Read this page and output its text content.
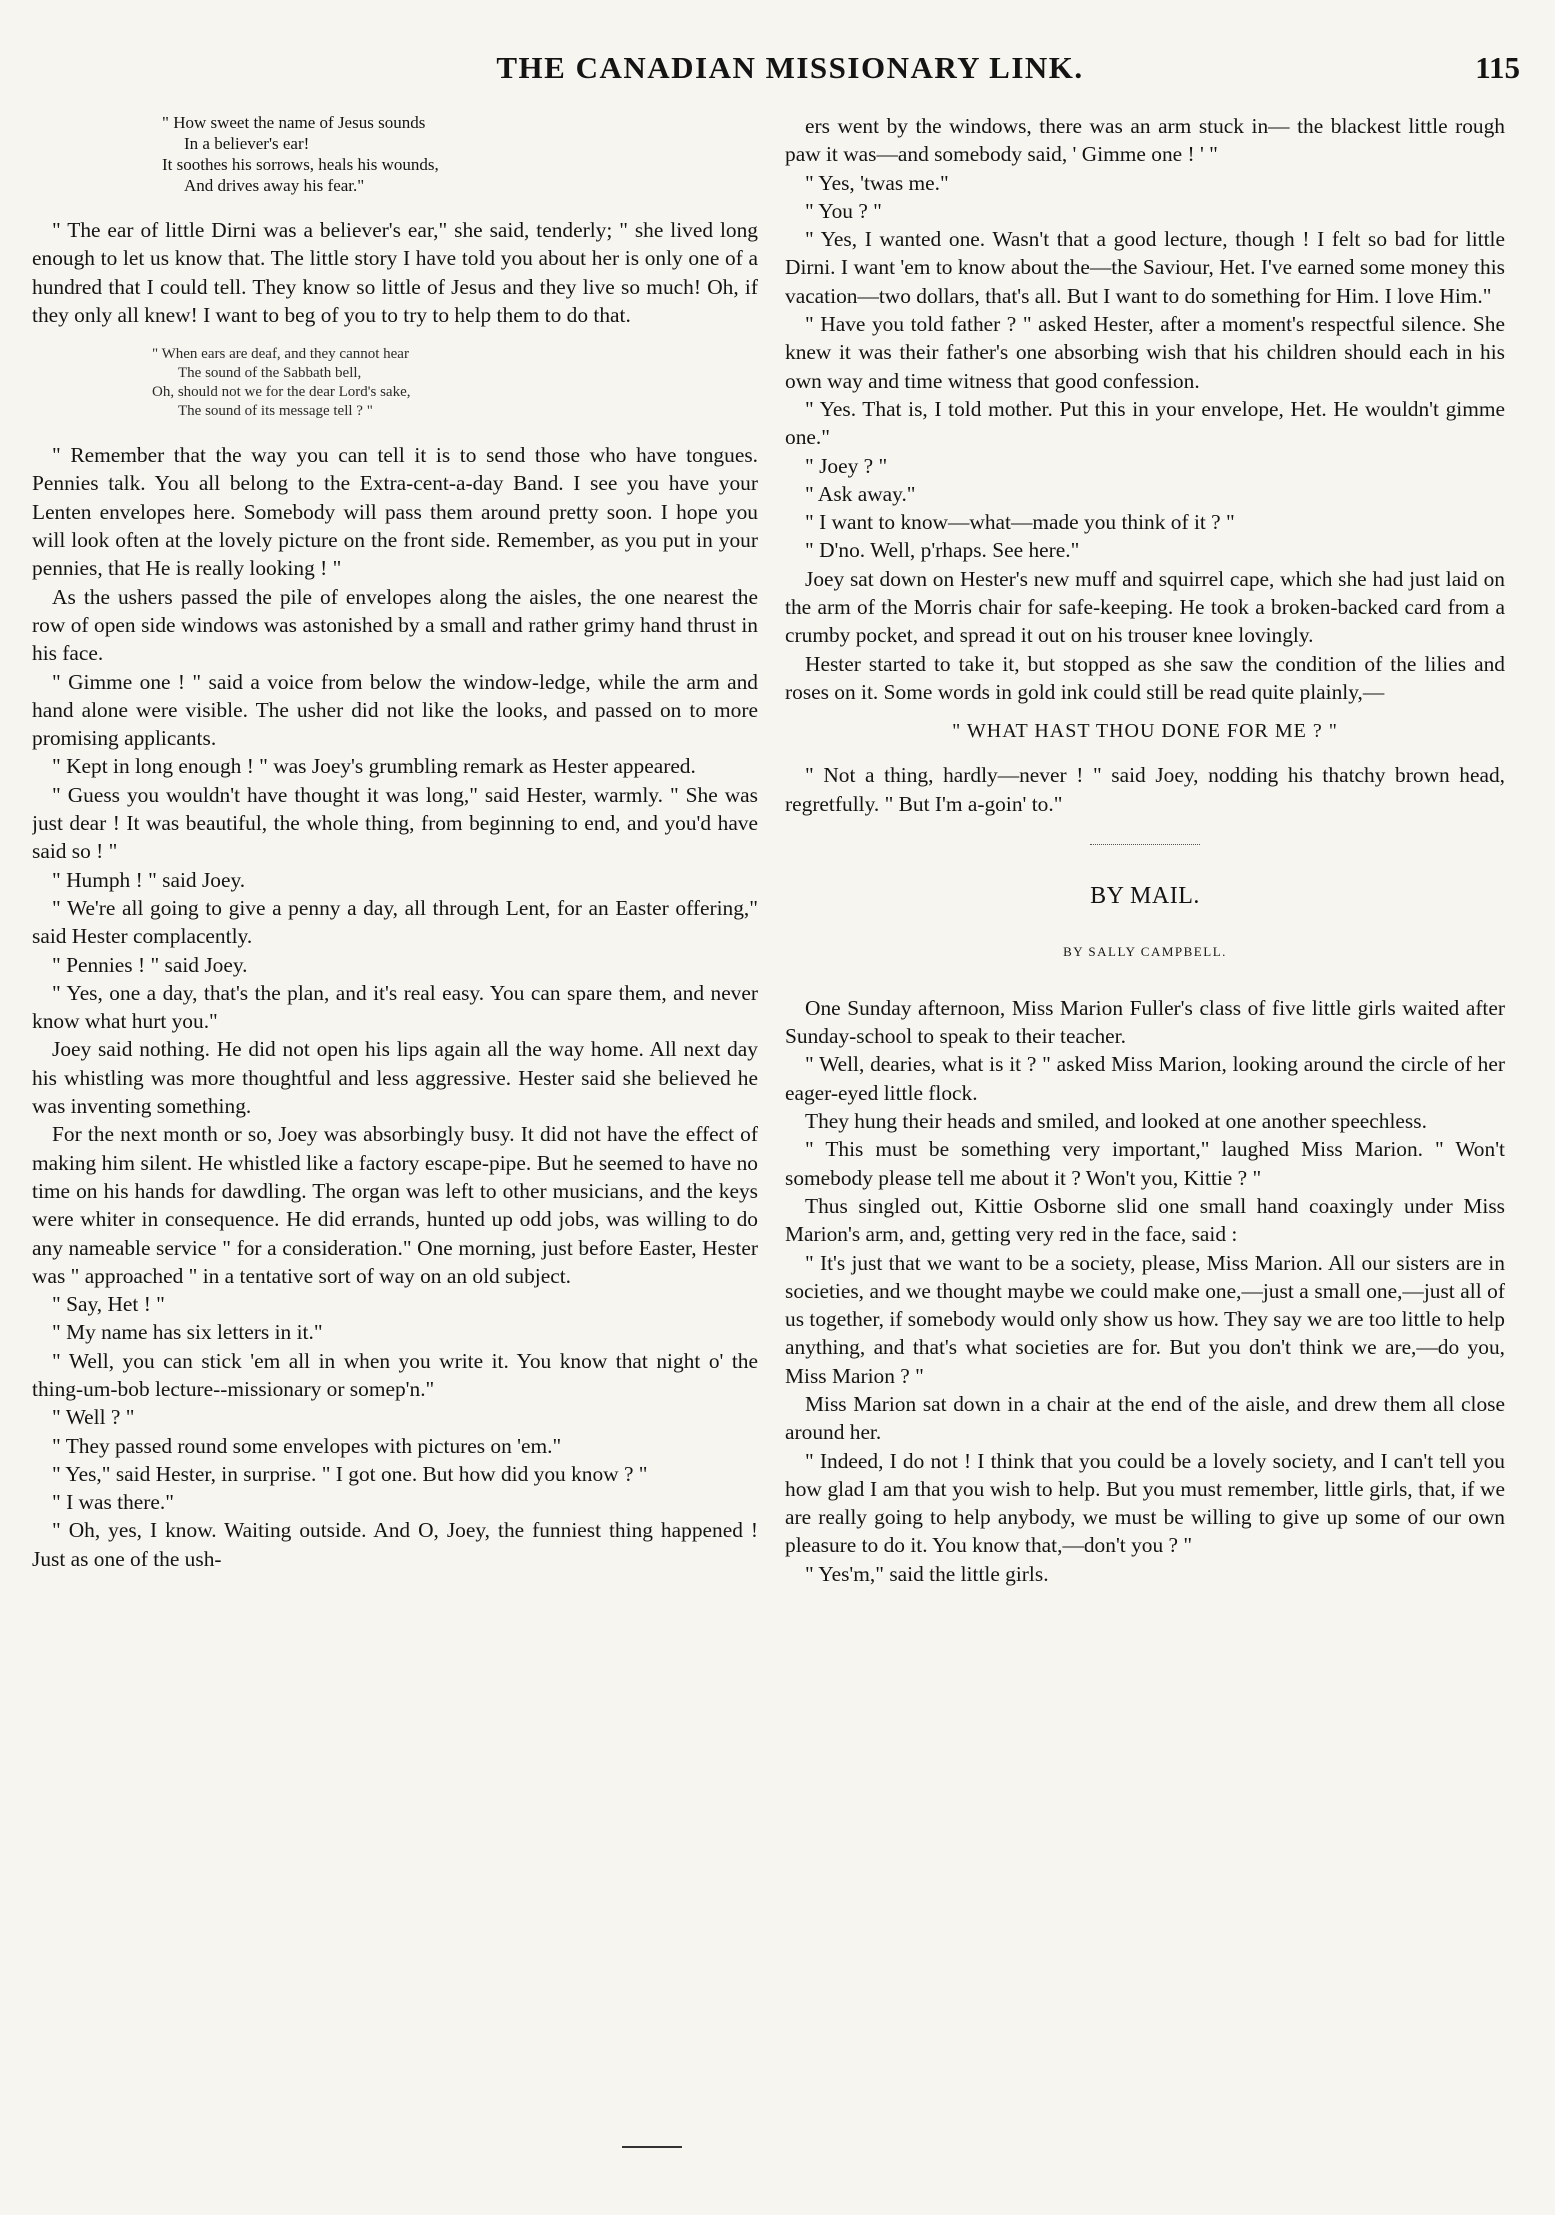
THE CANADIAN MISSIONARY LINK.	115
" How sweet the name of Jesus sounds
In a believer's ear!
It soothes his sorrows, heals his wounds,
And drives away his fear."

" The ear of little Dirni was a believer's ear," she said, tenderly; " she lived long enough to let us know that. The little story I have told you about her is only one of a hundred that I could tell. They know so little of Jesus and they live so much! Oh, if they only all knew! I want to beg of you to try to help them to do that.

" When ears are deaf, and they cannot hear
The sound of the Sabbath bell,
Oh, should not we for the dear Lord's sake,
The sound of its message tell ? "

" Remember that the way you can tell it is to send those who have tongues. Pennies talk. You all belong to the Extra-cent-a-day Band. I see you have your Lenten envelopes here. Somebody will pass them around pretty soon. I hope you will look often at the lovely picture on the front side. Remember, as you put in your pennies, that He is really looking ! "

As the ushers passed the pile of envelopes along the aisles, the one nearest the row of open side windows was astonished by a small and rather grimy hand thrust in his face.

" Gimme one ! " said a voice from below the window-ledge, while the arm and hand alone were visible. The usher did not like the looks, and passed on to more promising applicants.

" Kept in long enough ! " was Joey's grumbling remark as Hester appeared.

" Guess you wouldn't have thought it was long," said Hester, warmly. " She was just dear ! It was beautiful, the whole thing, from beginning to end, and you'd have said so ! "

" Humph ! " said Joey.

" We're all going to give a penny a day, all through Lent, for an Easter offering," said Hester complacently.

" Pennies ! " said Joey.

" Yes, one a day, that's the plan, and it's real easy. You can spare them, and never know what hurt you."

Joey said nothing. He did not open his lips again all the way home. All next day his whistling was more thoughtful and less aggressive. Hester said she believed he was inventing something.

For the next month or so, Joey was absorbingly busy. It did not have the effect of making him silent. He whistled like a factory escape-pipe. But he seemed to have no time on his hands for dawdling. The organ was left to other musicians, and the keys were whiter in consequence. He did errands, hunted up odd jobs, was willing to do any nameable service " for a consideration." One morning, just before Easter, Hester was " approached " in a tentative sort of way on an old subject.

" Say, Het ! "

" My name has six letters in it."

" Well, you can stick 'em all in when you write it. You know that night o' the thing-um-bob lecture--missionary or somep'n."

" Well ? "

" They passed round some envelopes with pictures on 'em."

" Yes," said Hester, in surprise. " I got one. But how did you know ? "

" I was there."

" Oh, yes, I know. Waiting outside. And O, Joey, the funniest thing happened ! Just as one of the ush-

ers went by the windows, there was an arm stuck in— the blackest little rough paw it was—and somebody said, ' Gimme one ! ' "

" Yes, 'twas me."

" You ? "

" Yes, I wanted one. Wasn't that a good lecture, though ! I felt so bad for little Dirni. I want 'em to know about the—the Saviour, Het. I've earned some money this vacation—two dollars, that's all. But I want to do something for Him. I love Him."

" Have you told father ? " asked Hester, after a moment's respectful silence. She knew it was their father's one absorbing wish that his children should each in his own way and time witness that good confession.

" Yes. That is, I told mother. Put this in your envelope, Het. He wouldn't gimme one."

" Joey ? "

" Ask away."

" I want to know—what—made you think of it ? "

" D'no. Well, p'rhaps. See here."

Joey sat down on Hester's new muff and squirrel cape, which she had just laid on the arm of the Morris chair for safe-keeping. He took a broken-backed card from a crumby pocket, and spread it out on his trouser knee lovingly.

Hester started to take it, but stopped as she saw the condition of the lilies and roses on it. Some words in gold ink could still be read quite plainly,—

" WHAT HAST THOU DONE FOR ME ? "

" Not a thing, hardly—never ! " said Joey, nodding his thatchy brown head, regretfully. " But I'm a-goin' to."

BY MAIL.
BY SALLY CAMPBELL.

One Sunday afternoon, Miss Marion Fuller's class of five little girls waited after Sunday-school to speak to their teacher.

" Well, dearies, what is it ? " asked Miss Marion, looking around the circle of her eager-eyed little flock.

They hung their heads and smiled, and looked at one another speechless.

" This must be something very important," laughed Miss Marion. " Won't somebody please tell me about it ? Won't you, Kittie ? "

Thus singled out, Kittie Osborne slid one small hand coaxingly under Miss Marion's arm, and, getting very red in the face, said :

" It's just that we want to be a society, please, Miss Marion. All our sisters are in societies, and we thought maybe we could make one,—just a small one,—just all of us together, if somebody would only show us how. They say we are too little to help anything, and that's what societies are for. But you don't think we are,—do you, Miss Marion ? "

Miss Marion sat down in a chair at the end of the aisle, and drew them all close around her.

" Indeed, I do not ! I think that you could be a lovely society, and I can't tell you how glad I am that you wish to help. But you must remember, little girls, that, if we are really going to help anybody, we must be willing to give up some of our own pleasure to do it. You know that,—don't you ? "

" Yes'm," said the little girls.
